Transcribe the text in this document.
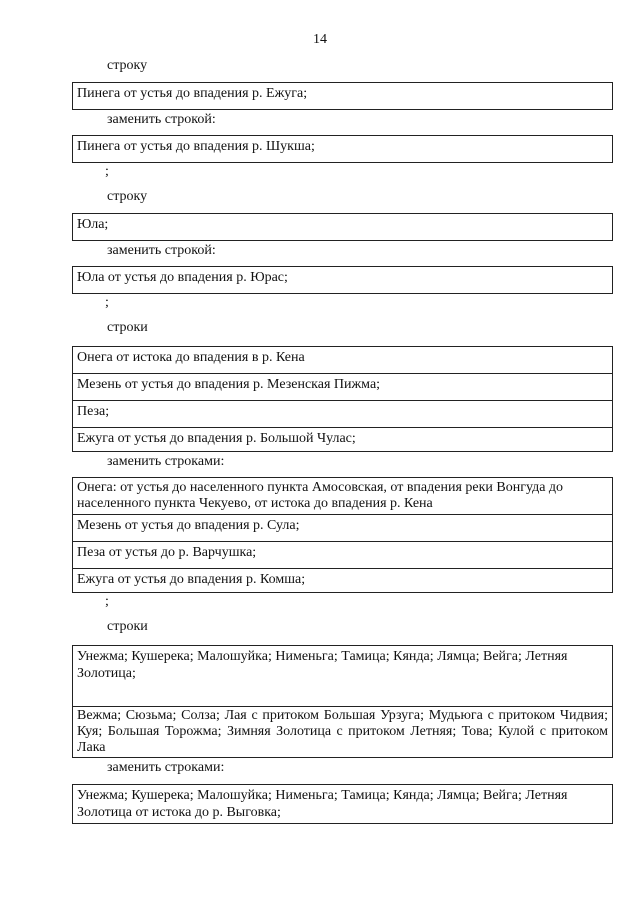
14
строку
Пинега от устья до впадения р. Ежуга;
заменить строкой:
Пинега от устья до впадения р. Шукша;
;
строку
Юла;
заменить строкой:
Юла от устья до впадения р. Юрас;
;
строки
Онега от истока до впадения в р. Кена
Мезень от устья до впадения р. Мезенская Пижма;
Пеза;
Ежуга от устья до впадения р. Большой Чулас;
заменить строками:
Онега: от устья до населенного пункта Амосовская, от впадения реки Вонгуда до населенного пункта Чекуево, от истока до впадения р. Кена
Мезень от устья до впадения р. Сула;
Пеза от устья до р. Варчушка;
Ежуга от устья до впадения р. Комша;
;
строки
Унежма; Кушерека; Малошуйка; Нименьга; Тамица; Кянда; Лямца; Вейга; Летняя Золотица;
Вежма; Сюзьма; Солза; Лая с притоком Большая Урзуга; Мудьюга с притоком Чидвия; Куя; Большая Торожма; Зимняя Золотица с притоком Летняя; Това; Кулой с притоком Лака
заменить строками:
Унежма; Кушерека; Малошуйка; Нименьга; Тамица; Кянда; Лямца; Вейга; Летняя Золотица от истока до р. Выговка;
